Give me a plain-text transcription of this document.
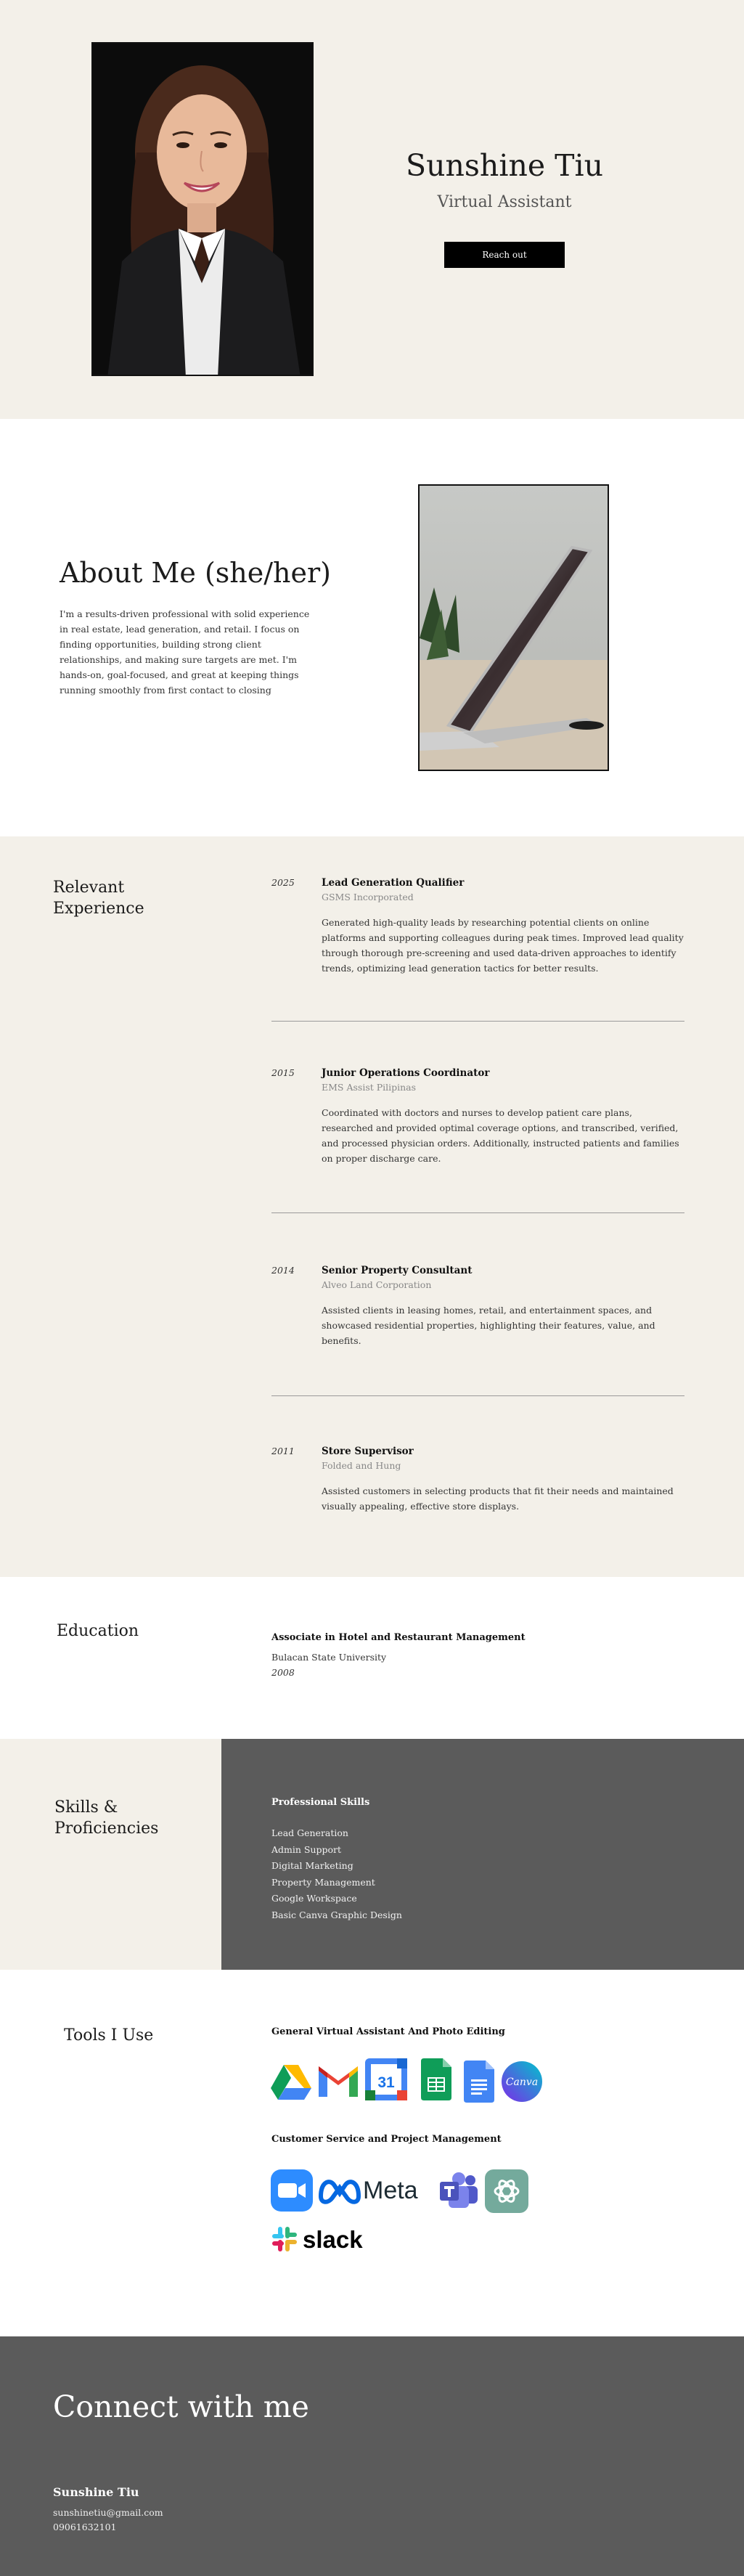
Sunshine Tiu
Virtual Assistant
Reach out
About Me (she/her)

I'm a results-driven professional with solid experience in real estate, lead generation, and retail. I focus on finding opportunities, building strong client relationships, and making sure targets are met. I'm hands-on, goal-focused, and great at keeping things running smoothly from first contact to closing

Relevant Experience
2025	Lead Generation Qualifier
GSMS Incorporated
Generated high-quality leads by researching potential clients on online platforms and supporting colleagues during peak times. Improved lead quality through thorough pre-screening and used data-driven approaches to identify trends, optimizing lead generation tactics for better results.
2015	Junior Operations Coordinator
EMS Assist Pilipinas
Coordinated with doctors and nurses to develop patient care plans, researched and provided optimal coverage options, and transcribed, verified, and processed physician orders. Additionally, instructed patients and families on proper discharge care.
2014	Senior Property Consultant
Alveo Land Corporation
Assisted clients in leasing homes, retail, and entertainment spaces, and showcased residential properties, highlighting their features, value, and benefits.
2011	Store Supervisor
Folded and Hung
Assisted customers in selecting products that fit their needs and maintained visually appealing, effective store displays.
Education	Associate in Hotel and Restaurant Management
Bulacan State University
2008
Skills & Proficiencies
Professional Skills
Lead Generation
Admin Support
Digital Marketing
Property Management
Google Workspace
Basic Canva Graphic Design
Tools I Use	General Virtual Assistant And Photo Editing
31	Canva
Customer Service and Project Management
Meta
slack
Connect with me
Sunshine Tiu
sunshinetiu@gmail.com
09061632101
